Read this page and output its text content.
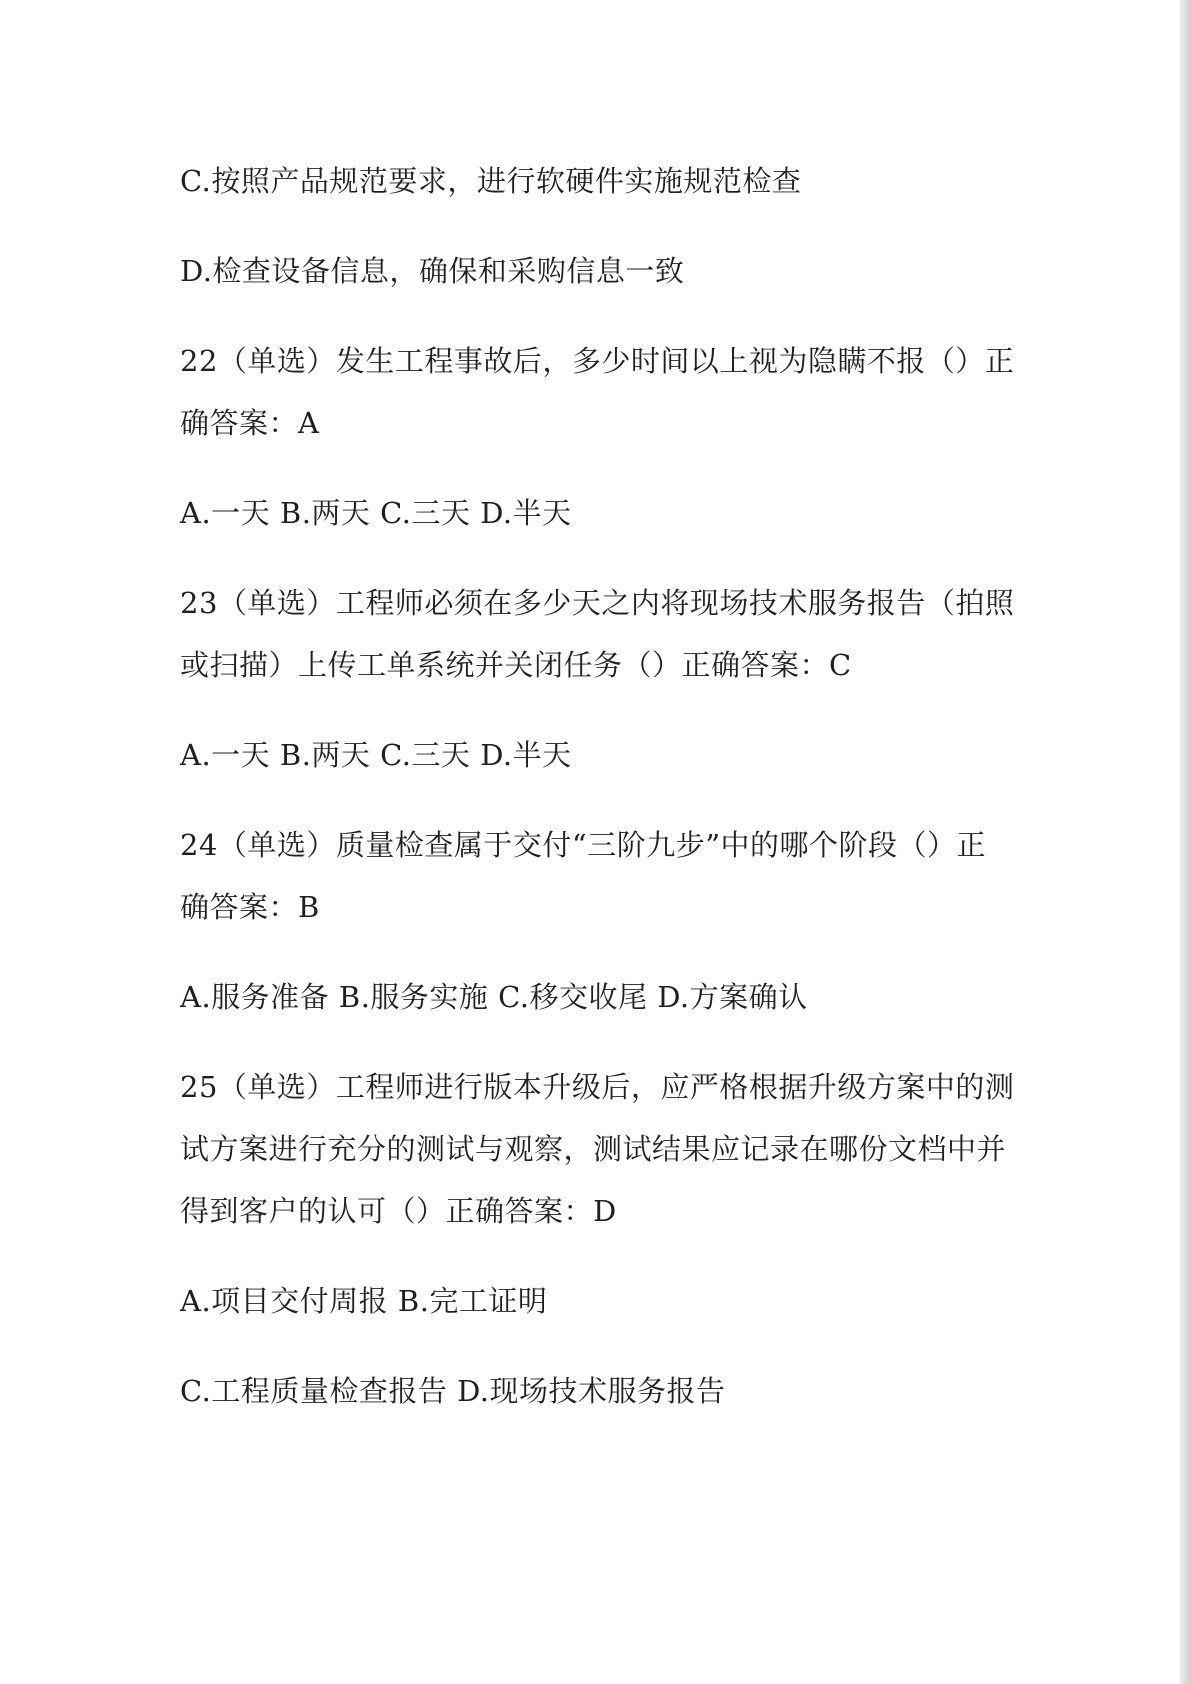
C.按照产品规范要求，进行软硬件实施规范检查
D.检查设备信息，确保和采购信息一致
22（单选）发生工程事故后，多少时间以上视为隐瞒不报（）正
确答案：A
A.一天 B.两天 C.三天 D.半天
23（单选）工程师必须在多少天之内将现场技术服务报告（拍照
或扫描）上传工单系统并关闭任务（）正确答案：C
A.一天 B.两天 C.三天 D.半天
24（单选）质量检查属于交付“三阶九步”中的哪个阶段（）正
确答案：B
A.服务准备 B.服务实施 C.移交收尾 D.方案确认
25（单选）工程师进行版本升级后，应严格根据升级方案中的测
试方案进行充分的测试与观察，测试结果应记录在哪份文档中并
得到客户的认可（）正确答案：D
A.项目交付周报 B.完工证明
C.工程质量检查报告 D.现场技术服务报告
